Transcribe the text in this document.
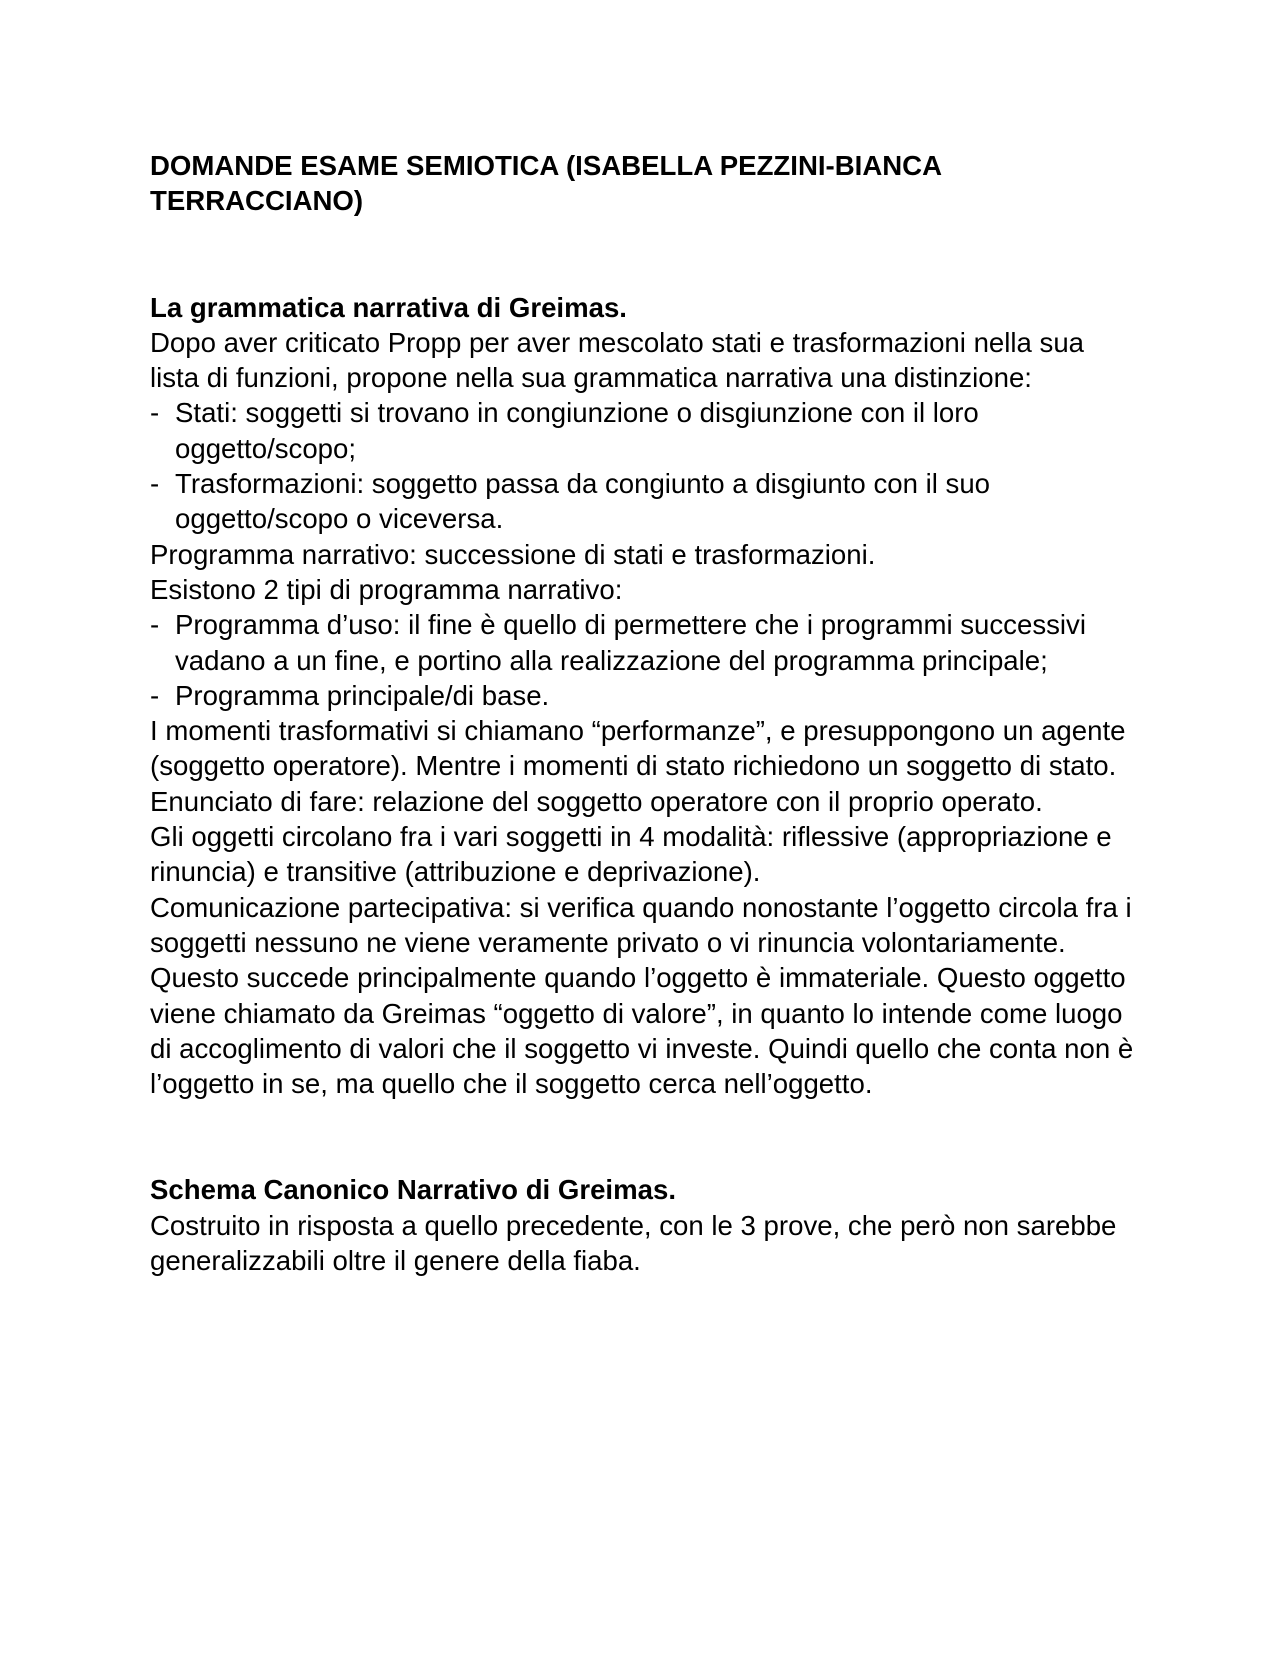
DOMANDE ESAME SEMIOTICA (ISABELLA PEZZINI-BIANCA TERRACCIANO)

La grammatica narrativa di Greimas.

Dopo aver criticato Propp per aver mescolato stati e trasformazioni nella sua lista di funzioni, propone nella sua grammatica narrativa una distinzione:

- Stati: soggetti si trovano in congiunzione o disgiunzione con il loro oggetto/scopo;
- Trasformazioni: soggetto passa da congiunto a disgiunto con il suo oggetto/scopo o viceversa.

Programma narrativo: successione di stati e trasformazioni.

Esistono 2 tipi di programma narrativo:

- Programma d’uso: il fine è quello di permettere che i programmi successivi vadano a un fine, e portino alla realizzazione del programma principale;
- Programma principale/di base.

I momenti trasformativi si chiamano “performanze”, e presuppongono un agente (soggetto operatore). Mentre i momenti di stato richiedono un soggetto di stato.

Enunciato di fare: relazione del soggetto operatore con il proprio operato.

Gli oggetti circolano fra i vari soggetti in 4 modalità: riflessive (appropriazione e rinuncia) e transitive (attribuzione e deprivazione).

Comunicazione partecipativa: si verifica quando nonostante l’oggetto circola fra i soggetti nessuno ne viene veramente privato o vi rinuncia volontariamente. Questo succede principalmente quando l’oggetto è immateriale. Questo oggetto viene chiamato da Greimas “oggetto di valore”, in quanto lo intende come luogo di accoglimento di valori che il soggetto vi investe. Quindi quello che conta non è l’oggetto in se, ma quello che il soggetto cerca nell’oggetto.

Schema Canonico Narrativo di Greimas.

Costruito in risposta a quello precedente, con le 3 prove, che però non sarebbe generalizzabili oltre il genere della fiaba.
